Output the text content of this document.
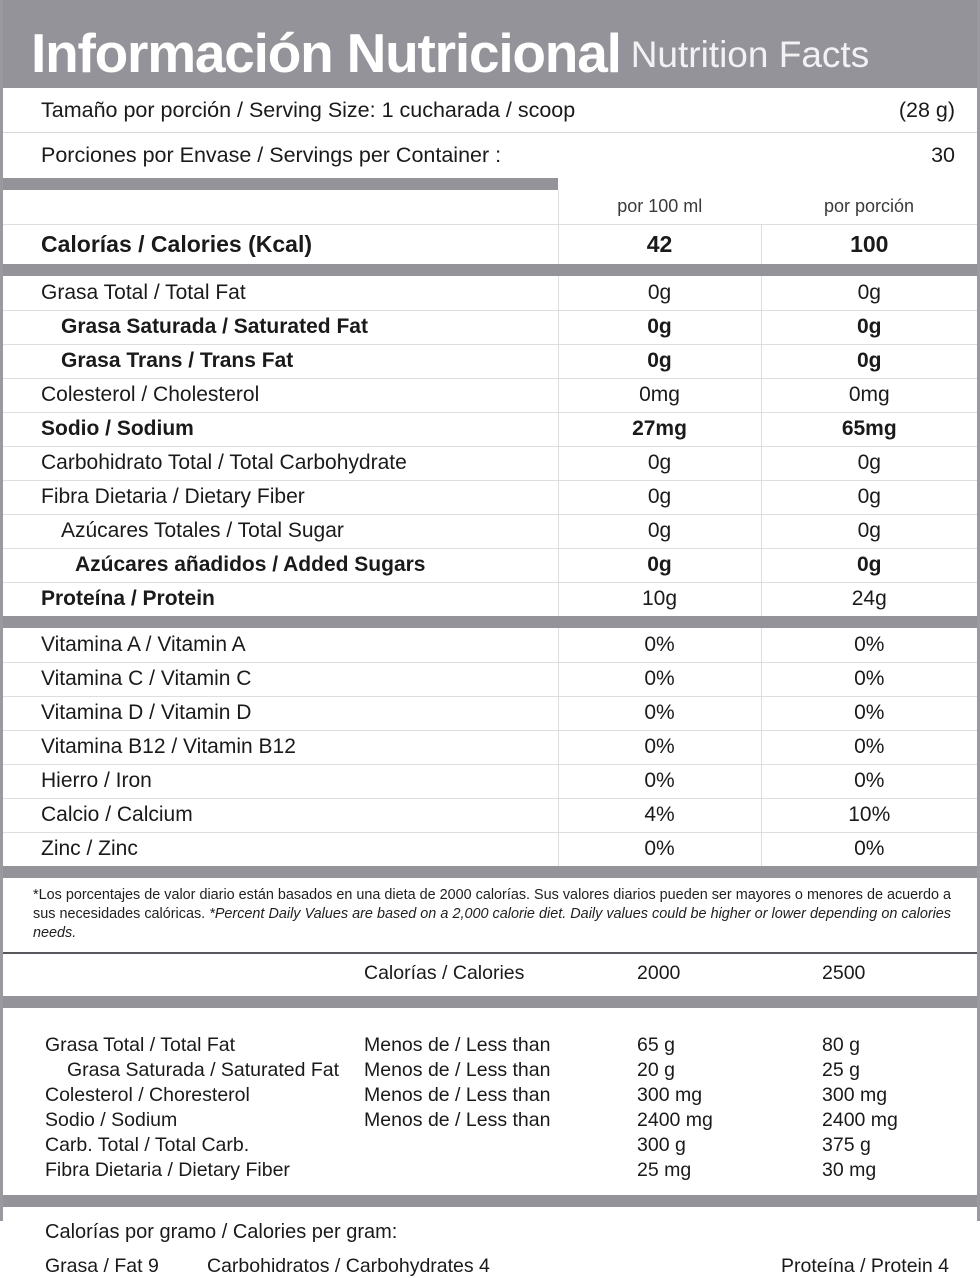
Información Nutricional Nutrition Facts
Tamaño por porción / Serving Size: 1 cucharada / scoop	(28 g)
Porciones por Envase / Servings per Container :	30
	por 100 ml	por porción
Calorías / Calories (Kcal)	42	100
Grasa Total / Total Fat	0g	0g
Grasa Saturada / Saturated Fat	0g	0g
Grasa Trans / Trans Fat	0g	0g
Colesterol / Cholesterol	0mg	0mg
Sodio / Sodium	27mg	65mg
Carbohidrato Total / Total Carbohydrate	0g	0g
Fibra Dietaria / Dietary Fiber	0g	0g
Azúcares Totales / Total Sugar	0g	0g
Azúcares añadidos / Added Sugars	0g	0g
Proteína / Protein	10g	24g
Vitamina A / Vitamin A	0%	0%
Vitamina C / Vitamin C	0%	0%
Vitamina D / Vitamin D	0%	0%
Vitamina B12 / Vitamin B12	0%	0%
Hierro / Iron	0%	0%
Calcio / Calcium	4%	10%
Zinc / Zinc	0%	0%
*Los porcentajes de valor diario están basados en una dieta de 2000 calorías. Sus valores diarios pueden ser mayores o menores de acuerdo a sus necesidades calóricas. *Percent Daily Values are based on a 2,000 calorie diet. Daily values could be higher or lower depending on calories needs.
	Calorías / Calories	2000	2500

Grasa Total / Total Fat	Menos de / Less than	65 g	80 g
Grasa Saturada / Saturated Fat	Menos de / Less than	20 g	25 g
Colesterol / Choresterol	Menos de / Less than	300 mg	300 mg
Sodio / Sodium	Menos de / Less than	2400 mg	2400 mg
Carb. Total / Total Carb.		300 g	375 g
Fibra Dietaria / Dietary Fiber		25 mg	30 mg
Calorías por gramo / Calories per gram:
Grasa / Fat 9	Carbohidratos / Carbohydrates 4	Proteína / Protein 4
